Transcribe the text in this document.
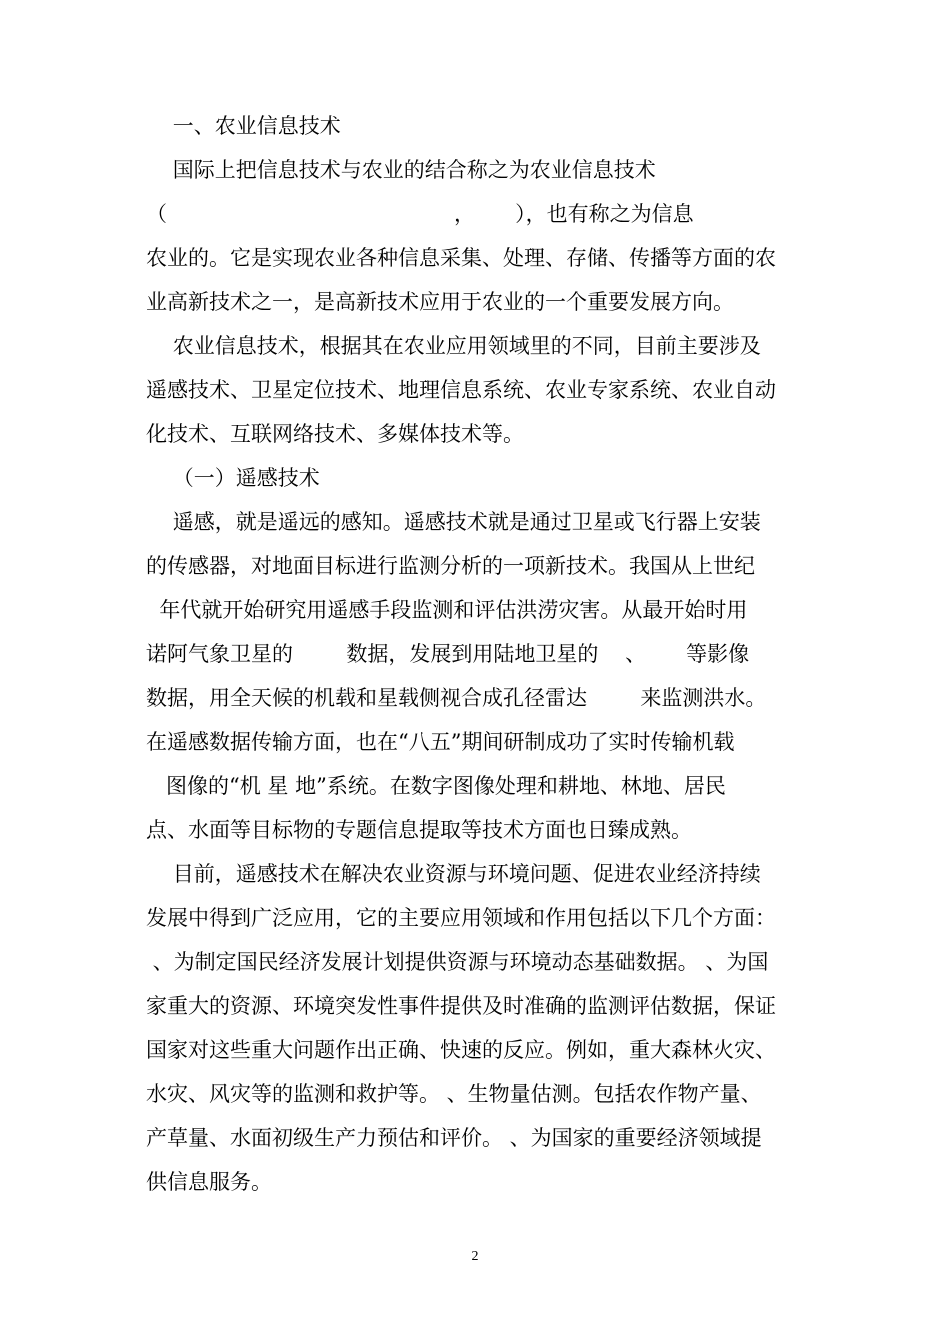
一、农业信息技术
国际上把信息技术与农业的结合称之为农业信息技术
（                                           ，      ），也有称之为信息
农业的。它是实现农业各种信息采集、处理、存储、传播等方面的农
业高新技术之一，是高新技术应用于农业的一个重要发展方向。
农业信息技术，根据其在农业应用领域里的不同，目前主要涉及
遥感技术、卫星定位技术、地理信息系统、农业专家系统、农业自动
化技术、互联网络技术、多媒体技术等。
（一）遥感技术
遥感，就是遥远的感知。遥感技术就是通过卫星或飞行器上安装
的传感器，对地面目标进行监测分析的一项新技术。我国从上世纪
年代就开始研究用遥感手段监测和评估洪涝灾害。从最开始时用
诺阿气象卫星的        数据，发展到用陆地卫星的    、      等影像
数据，用全天候的机载和星载侧视合成孔径雷达        来监测洪水。
在遥感数据传输方面，也在“八五”期间研制成功了实时传输机载
图像的“机 星 地”系统。在数字图像处理和耕地、林地、居民
点、水面等目标物的专题信息提取等技术方面也日臻成熟。
目前，遥感技术在解决农业资源与环境问题、促进农业经济持续
发展中得到广泛应用，它的主要应用领域和作用包括以下几个方面：
、为制定国民经济发展计划提供资源与环境动态基础数据。 、为国
家重大的资源、环境突发性事件提供及时准确的监测评估数据，保证
国家对这些重大问题作出正确、快速的反应。例如，重大森林火灾、
水灾、风灾等的监测和救护等。 、生物量估测。包括农作物产量、
产草量、水面初级生产力预估和评价。 、为国家的重要经济领域提
供信息服务。
2
